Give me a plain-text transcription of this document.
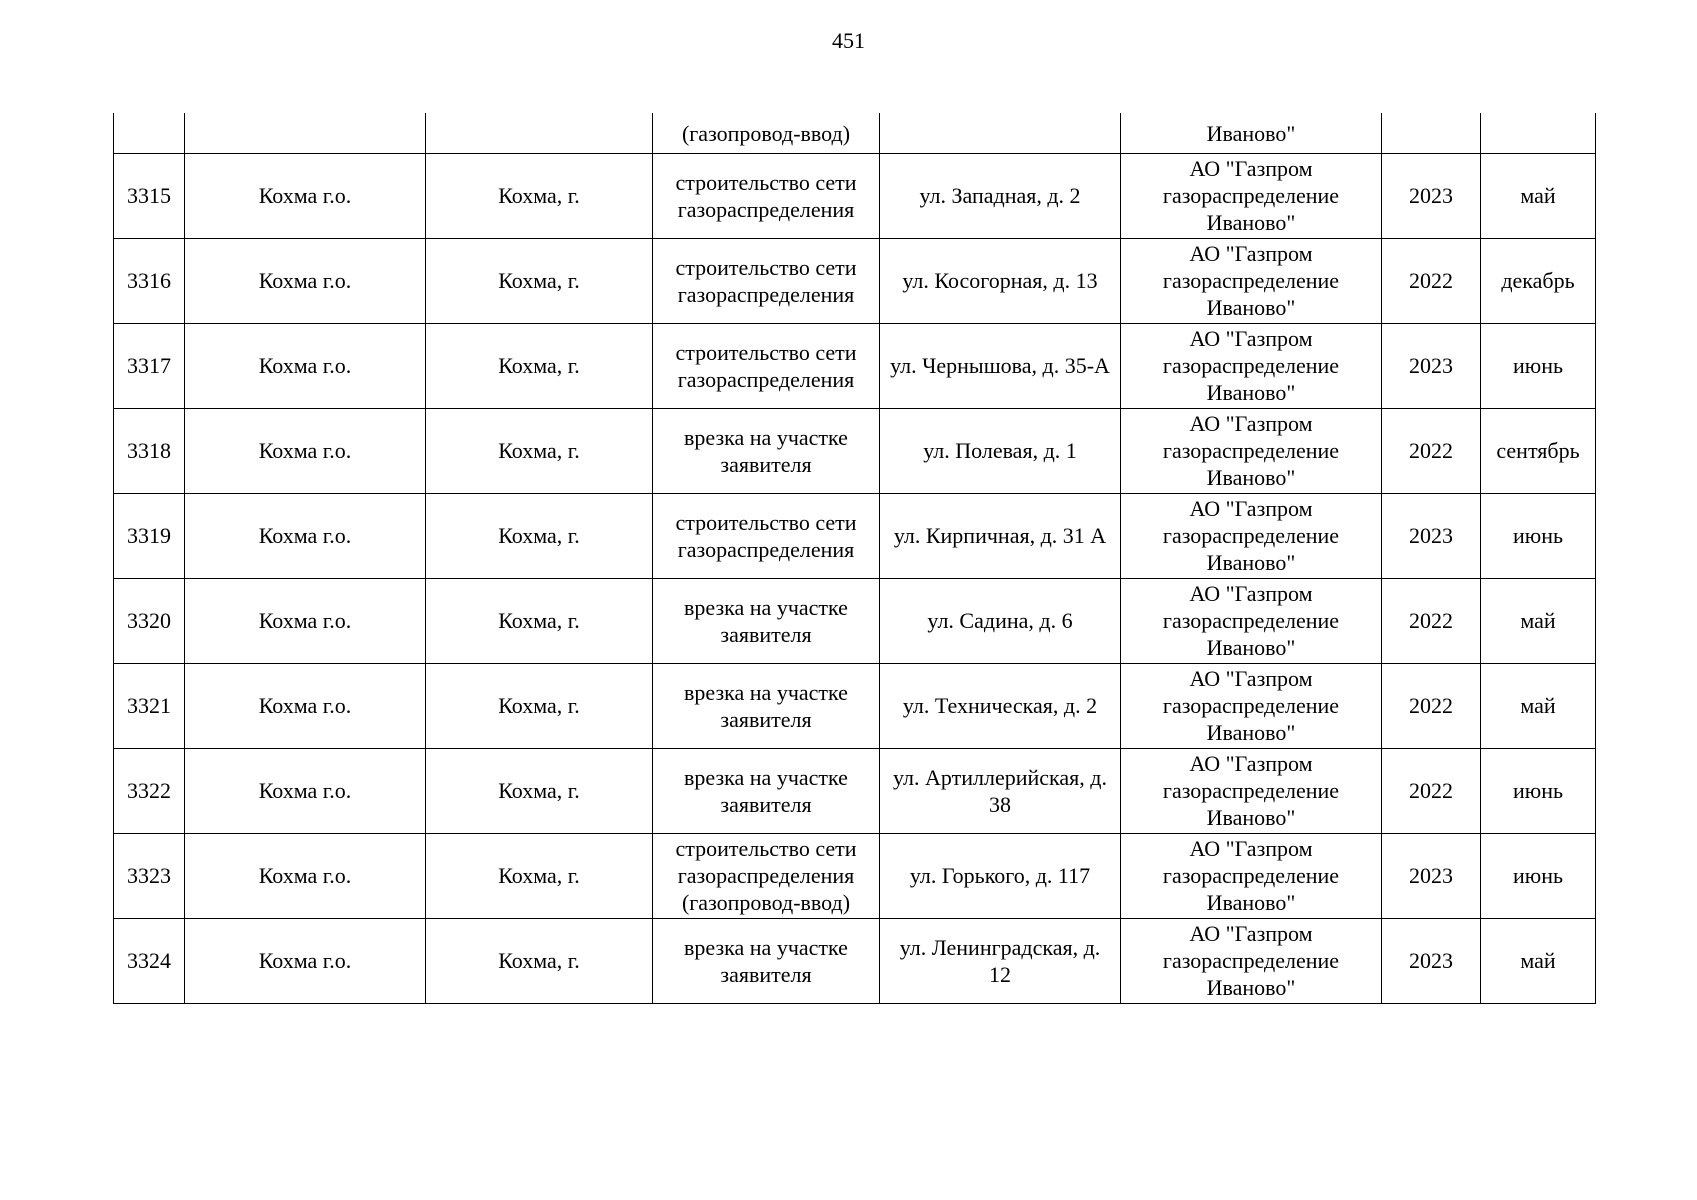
451
			(газопровод-ввод)		Иваново"		
3315	Кохма г.о.	Кохма, г.	строительство сети газораспределения	ул. Западная, д. 2	АО "Газпром газораспределение Иваново"	2023	май
3316	Кохма г.о.	Кохма, г.	строительство сети газораспределения	ул. Косогорная, д. 13	АО "Газпром газораспределение Иваново"	2022	декабрь
3317	Кохма г.о.	Кохма, г.	строительство сети газораспределения	ул. Чернышова, д. 35-А	АО "Газпром газораспределение Иваново"	2023	июнь
3318	Кохма г.о.	Кохма, г.	врезка на участке заявителя	ул. Полевая, д. 1	АО "Газпром газораспределение Иваново"	2022	сентябрь
3319	Кохма г.о.	Кохма, г.	строительство сети газораспределения	ул. Кирпичная, д. 31 А	АО "Газпром газораспределение Иваново"	2023	июнь
3320	Кохма г.о.	Кохма, г.	врезка на участке заявителя	ул. Садина, д. 6	АО "Газпром газораспределение Иваново"	2022	май
3321	Кохма г.о.	Кохма, г.	врезка на участке заявителя	ул. Техническая, д. 2	АО "Газпром газораспределение Иваново"	2022	май
3322	Кохма г.о.	Кохма, г.	врезка на участке заявителя	ул. Артиллерийская, д. 38	АО "Газпром газораспределение Иваново"	2022	июнь
3323	Кохма г.о.	Кохма, г.	строительство сети газораспределения (газопровод-ввод)	ул. Горького, д. 117	АО "Газпром газораспределение Иваново"	2023	июнь
3324	Кохма г.о.	Кохма, г.	врезка на участке заявителя	ул. Ленинградская, д. 12	АО "Газпром газораспределение Иваново"	2023	май
